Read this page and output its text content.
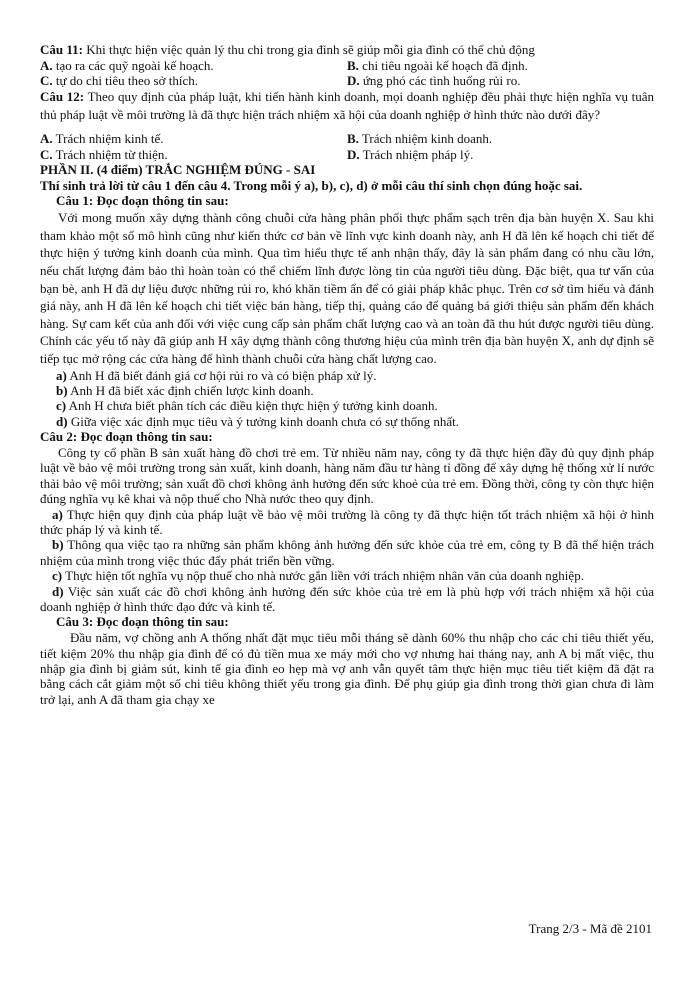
Câu 11: Khi thực hiện việc quản lý thu chi trong gia đình sẽ giúp mỗi gia đình có thể chủ động

A. tạo ra các quỹ ngoài kế hoạch.	B. chi tiêu ngoài kế hoạch đã định.
C. tự do chi tiêu theo sở thích.	D. ứng phó các tình huống rủi ro.

Câu 12: Theo quy định của pháp luật, khi tiến hành kinh doanh, mọi doanh nghiệp đều phải thực hiện nghĩa vụ tuân thủ pháp luật về môi trường là đã thực hiện trách nhiệm xã hội của doanh nghiệp ở hình thức nào dưới đây?

A. Trách nhiệm kinh tế.	B. Trách nhiệm kinh doanh.
C. Trách nhiệm từ thiện.	D. Trách nhiệm pháp lý.

PHẦN II. (4 điểm) TRẮC NGHIỆM ĐÚNG - SAI

Thí sinh trả lời từ câu 1 đến câu 4. Trong mỗi ý a), b), c), d) ở mỗi câu thí sinh chọn đúng hoặc sai.

Câu 1: Đọc đoạn thông tin sau:

Với mong muốn xây dựng thành công chuỗi cửa hàng phân phối thực phẩm sạch trên địa bàn huyện X. Sau khi tham khảo một số mô hình cũng như kiến thức cơ bản về lĩnh vực kinh doanh này, anh H đã lên kế hoạch chi tiết để thực hiện ý tưởng kinh doanh của mình. Qua tìm hiểu thực tế anh nhận thấy, đây là sản phẩm đang có nhu cầu lớn, nếu chất lượng đảm bảo thì hoàn toàn có thể chiếm lĩnh được lòng tin của người tiêu dùng. Đặc biệt, qua tư vấn của bạn bè, anh H đã dự liệu được những rủi ro, khó khăn tiềm ẩn để có giải pháp khắc phục. Trên cơ sở tìm hiểu và đánh giá này, anh H đã lên kế hoạch chi tiết việc bán hàng, tiếp thị, quảng cáo để quảng bá giới thiệu sản phẩm đến khách hàng. Sự cam kết của anh đối với việc cung cấp sản phẩm chất lượng cao và an toàn đã thu hút được người tiêu dùng. Chính các yếu tố này đã giúp anh H xây dựng thành công thương hiệu của mình trên địa bàn huyện X, anh dự định sẽ tiếp tục mở rộng các cửa hàng để hình thành chuỗi cửa hàng chất lượng cao.

a) Anh H đã biết đánh giá cơ hội rủi ro và có biện pháp xử lý.

b) Anh H đã biết xác định chiến lược kinh doanh.

c) Anh H chưa biết phân tích các điều kiện thực hiện ý tưởng kinh doanh.

d) Giữa việc xác định mục tiêu và ý tưởng kinh doanh chưa có sự thống nhất.

Câu 2: Đọc đoạn thông tin sau:

Công ty cổ phần B sản xuất hàng đồ chơi trẻ em. Từ nhiều năm nay, công ty đã thực hiện đầy đủ quy định pháp luật về bảo vệ môi trường trong sản xuất, kinh doanh, hàng năm đầu tư hàng tỉ đồng để xây dựng hệ thống xử lí nước thải bảo vệ môi trường; sản xuất đồ chơi không ảnh hưởng đến sức khoẻ của trẻ em. Đồng thời, công ty còn thực hiện đúng nghĩa vụ kê khai và nộp thuế cho Nhà nước theo quy định.

a) Thực hiện quy định của pháp luật về bảo vệ môi trường là công ty đã thực hiện tốt trách nhiệm xã hội ở hình thức pháp lý và kinh tế.

b) Thông qua việc tạo ra những sản phẩm không ảnh hưởng đến sức khỏe của trẻ em, công ty B đã thể hiện trách nhiệm của mình trong việc thúc đẩy phát triển bền vững.

c) Thực hiện tốt nghĩa vụ nộp thuế cho nhà nước gắn liền với trách nhiệm nhân văn của doanh nghiệp.

d) Việc sản xuất các đồ chơi không ảnh hưởng đến sức khỏe của trẻ em là phù hợp với trách nhiệm xã hội của doanh nghiệp ở hình thức đạo đức và kinh tế.

Câu 3: Đọc đoạn thông tin sau:

Đầu năm, vợ chồng anh A thống nhất đặt mục tiêu mỗi tháng sẽ dành 60% thu nhập cho các chi tiêu thiết yếu, tiết kiệm 20% thu nhập gia đình để có đủ tiền mua xe máy mới cho vợ nhưng hai tháng nay, anh A bị mất việc, thu nhập gia đình bị giảm sút, kinh tế gia đình eo hẹp mà vợ anh vẫn quyết tâm thực hiện mục tiêu tiết kiệm đã đặt ra bằng cách cắt giảm một số chi tiêu không thiết yếu trong gia đình. Để phụ giúp gia đình trong thời gian chưa đi làm trở lại, anh A đã tham gia chạy xe

Trang 2/3 - Mã đề 2101
